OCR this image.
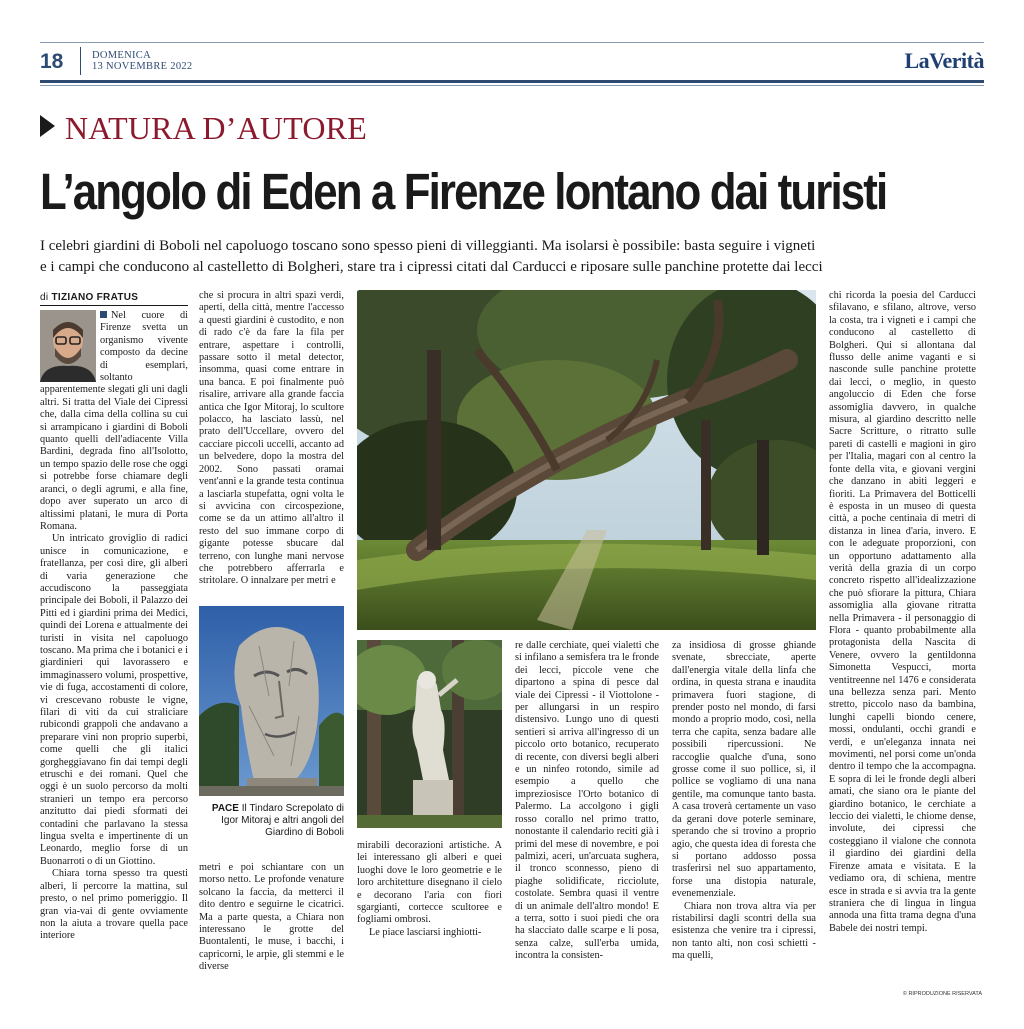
18	DOMENICA
13 NOVEMBRE 2022	LaVerità
NATURA D’AUTORE
L’angolo di Eden a Firenze lontano dai turisti
I celebri giardini di Boboli nel capoluogo toscano sono spesso pieni di villeggianti. Ma isolarsi è possibile: basta seguire i vigneti
e i campi che conducono al castelletto di Bolgheri, stare tra i cipressi citati dal Carducci e riposare sulle panchine protette dai lecci
di TIZIANO FRATUS

Nel cuore di Firenze svetta un organismo vivente composto da decine di esemplari, soltanto apparentemente slegati gli uni dagli altri. Si tratta del Viale dei Cipressi che, dalla cima della collina su cui si arrampicano i giardini di Boboli quanto quelli dell'adiacente Villa Bardini, degrada fino all'Isolotto, un tempo spazio delle rose che oggi si potrebbe forse chiamare degli aranci, o degli agrumi, e alla fine, dopo aver superato un arco di altissimi platani, le mura di Porta Romana.

Un intricato groviglio di radici unisce in comunicazione, e fratellanza, per così dire, gli alberi di varia generazione che accudiscono la passeggiata principale dei Boboli, il Palazzo dei Pitti ed i giardini prima dei Medici, quindi dei Lorena e attualmente dei turisti in visita nel capoluogo toscano. Ma prima che i botanici e i giardinieri qui lavorassero e immaginassero volumi, prospettive, vie di fuga, accostamenti di colore, vi crescevano robuste le vigne, filari di viti da cui straliciare rubicondi grappoli che andavano a preparare vini non proprio superbi, come quelli che gli italici gorgheggiavano fin dai tempi degli etruschi e dei romani. Quel che oggi è un suolo percorso da molti stranieri un tempo era percorso anzitutto dai piedi sformati dei contadini che parlavano la stessa lingua svelta e impertinente di un Leonardo, meglio forse di un Buonarroti o di un Giottino.

Chiara torna spesso tra questi alberi, li percorre la mattina, sul presto, o nel primo pomeriggio. Il gran via-vai di gente ovviamente non la aiuta a trovare quella pace interiore

che si procura in altri spazi verdi, aperti, della città, mentre l'accesso a questi giardini è custodito, e non di rado c'è da fare la fila per entrare, aspettare i controlli, passare sotto il metal detector, insomma, quasi come entrare in una banca. E poi finalmente può risalire, arrivare alla grande faccia antica che Igor Mitoraj, lo scultore polacco, ha lasciato lassù, nel prato dell'Uccellare, ovvero del cacciare piccoli uccelli, accanto ad un belvedere, dopo la mostra del 2002. Sono passati oramai vent'anni e la grande testa continua a lasciarla stupefatta, ogni volta le si avvicina con circospezione, come se da un attimo all'altro il resto del suo immane corpo di gigante potesse sbucare dal terreno, con lunghe mani nervose che potrebbero afferrarla e stritolare. O innalzare per metri e

PACE Il Tindaro Screpolato di Igor Mitoraj e altri angoli del Giardino di Boboli

metri e poi schiantare con un morso netto. Le profonde venature solcano la faccia, da metterci il dito dentro e seguirne le cicatrici. Ma a parte questa, a Chiara non interessano le grotte del Buontalenti, le muse, i bacchi, i capricorni, le arpie, gli stemmi e le diverse

mirabili decorazioni artistiche. A lei interessano gli alberi e quei luoghi dove le loro geometrie e le loro architetture disegnano il cielo e decorano l'aria con fiori sgargianti, cortecce scultoree e fogliami ombrosi.

Le piace lasciarsi inghiotti-

re dalle cerchiate, quei vialetti che si infilano a semisfera tra le fronde dei lecci, piccole vene che dipartono a spina di pesce dal viale dei Cipressi - il Viottolone - per allungarsi in un respiro distensivo. Lungo uno di questi sentieri si arriva all'ingresso di un piccolo orto botanico, recuperato di recente, con diversi begli alberi e un ninfeo rotondo, simile ad esempio a quello che impreziosisce l'Orto botanico di Palermo. La accolgono i gigli rosso corallo nel primo tratto, nonostante il calendario reciti già i primi del mese di novembre, e poi palmizi, aceri, un'arcuata sughera, il tronco sconnesso, pieno di piaghe solidificate, ricciolute, costolate. Sembra quasi il ventre di un animale dell'altro mondo! E a terra, sotto i suoi piedi che ora ha slacciato dalle scarpe e li posa, senza calze, sull'erba umida, incontra la consisten-

za insidiosa di grosse ghiande svenate, sbrecciate, aperte dall'energia vitale della linfa che ordina, in questa strana e inaudita primavera fuori stagione, di prender posto nel mondo, di farsi mondo a proprio modo, così, nella terra che capita, senza badare alle possibili ripercussioni. Ne raccoglie qualche d'una, sono grosse come il suo pollice, sì, il pollice se vogliamo di una nana gentile, ma comunque tanto basta. A casa troverà certamente un vaso da gerani dove poterle seminare, sperando che si trovino a proprio agio, che questa idea di foresta che si portano addosso possa trasferirsi nel suo appartamento, forse una distopia naturale, evenemenziale.

Chiara non trova altra via per ristabilirsi dagli scontri della sua esistenza che venire tra i cipressi, non tanto alti, non così schietti - ma quelli,

chi ricorda la poesia del Carducci sfilavano, e sfilano, altrove, verso la costa, tra i vigneti e i campi che conducono al castelletto di Bolgheri. Qui si allontana dal flusso delle anime vaganti e si nasconde sulle panchine protette dai lecci, o meglio, in questo angoluccio di Eden che forse assomiglia davvero, in qualche misura, al giardino descritto nelle Sacre Scritture, o ritratto sulle pareti di castelli e magioni in giro per l'Italia, magari con al centro la fonte della vita, e giovani vergini che danzano in abiti leggeri e fioriti. La Primavera del Botticelli è esposta in un museo di questa città, a poche centinaia di metri di distanza in linea d'aria, invero. E con le adeguate proporzioni, con un opportuno adattamento alla verità della grazia di un corpo concreto rispetto all'idealizzazione che può sfiorare la pittura, Chiara assomiglia alla giovane ritratta nella Primavera - il personaggio di Flora - quanto probabilmente alla protagonista della Nascita di Venere, ovvero la gentildonna Simonetta Vespucci, morta ventitreenne nel 1476 e considerata una bellezza senza pari. Mento stretto, piccolo naso da bambina, lunghi capelli biondo cenere, mossi, ondulanti, occhi grandi e verdi, e un'eleganza innata nei movimenti, nel porsi come un'onda dentro il tempo che la accompagna. E sopra di lei le fronde degli alberi amati, che siano ora le piante del giardino botanico, le cerchiate a leccio dei vialetti, le chiome dense, involute, dei cipressi che costeggiano il vialone che connota il giardino dei giardini della Firenze amata e visitata. E la vediamo ora, di schiena, mentre esce in strada e si avvia tra la gente straniera che di lingua in lingua annoda una fitta trama degna d'una Babele dei nostri tempi.

© RIPRODUZIONE RISERVATA
